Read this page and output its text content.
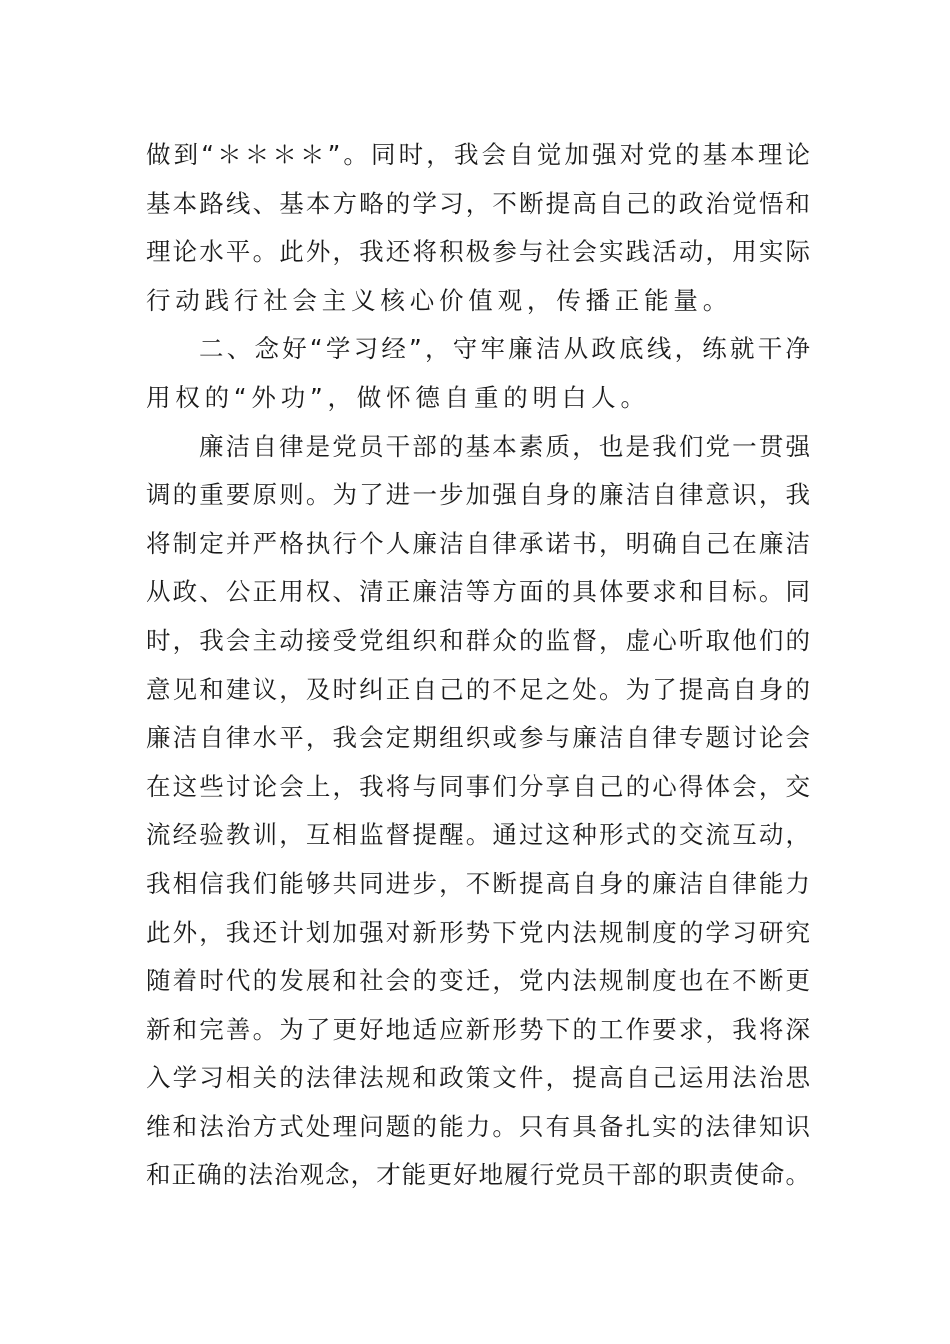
做到“＊＊＊＊”。同时，我会自觉加强对党的基本理论
基本路线、基本方略的学习，不断提高自己的政治觉悟和
理论水平。此外，我还将积极参与社会实践活动，用实际
行动践行社会主义核心价值观，传播正能量。
二、念好“学习经”，守牢廉洁从政底线，练就干净
用权的“外功”，做怀德自重的明白人。
廉洁自律是党员干部的基本素质，也是我们党一贯强
调的重要原则。为了进一步加强自身的廉洁自律意识，我
将制定并严格执行个人廉洁自律承诺书，明确自己在廉洁
从政、公正用权、清正廉洁等方面的具体要求和目标。同
时，我会主动接受党组织和群众的监督，虚心听取他们的
意见和建议，及时纠正自己的不足之处。为了提高自身的
廉洁自律水平，我会定期组织或参与廉洁自律专题讨论会
在这些讨论会上，我将与同事们分享自己的心得体会，交
流经验教训，互相监督提醒。通过这种形式的交流互动，
我相信我们能够共同进步，不断提高自身的廉洁自律能力
此外，我还计划加强对新形势下党内法规制度的学习研究
随着时代的发展和社会的变迁，党内法规制度也在不断更
新和完善。为了更好地适应新形势下的工作要求，我将深
入学习相关的法律法规和政策文件，提高自己运用法治思
维和法治方式处理问题的能力。只有具备扎实的法律知识
和正确的法治观念，才能更好地履行党员干部的职责使命。
